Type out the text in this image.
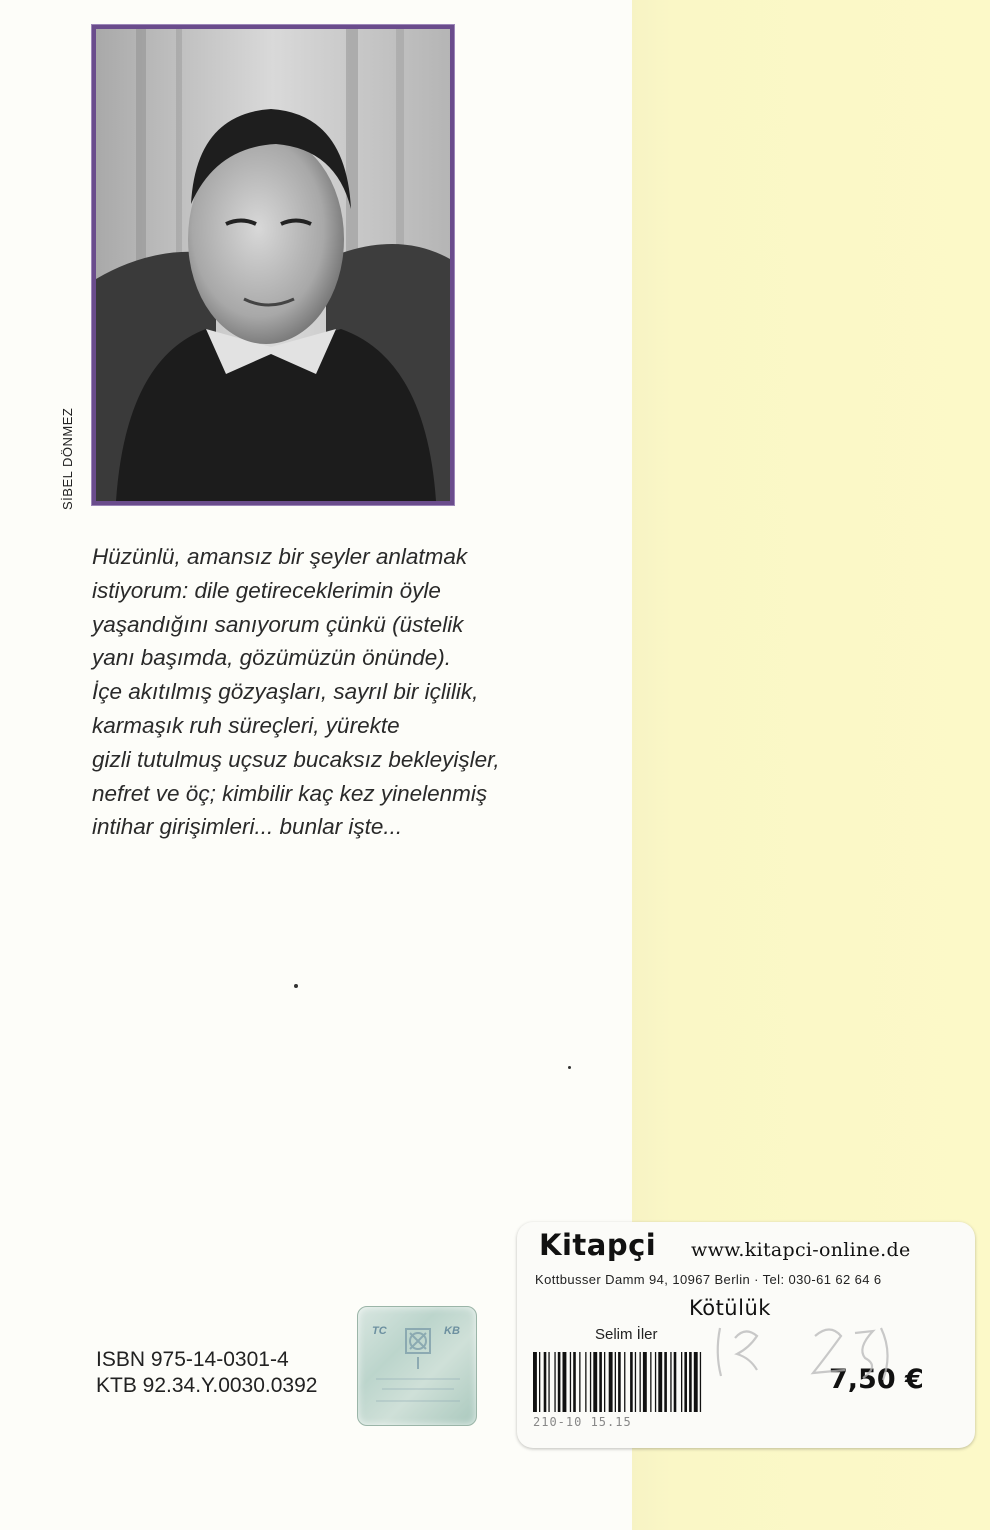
SİBEL DÖNMEZ
Hüzünlü, amansız bir şeyler anlatmak
istiyorum: dile getireceklerimin öyle
yaşandığını sanıyorum çünkü (üstelik
yanı başımda, gözümüzün önünde).
İçe akıtılmış gözyaşları, sayrıl bir içlilik,
karmaşık ruh süreçleri, yürekte
gizli tutulmuş uçsuz bucaksız bekleyişler,
nefret ve öç; kimbilir kaç kez yinelenmiş
intihar girişimleri... bunlar işte...
ISBN 975-14-0301-4
KTB 92.34.Y.0030.0392
TC	KB
Kitapçi www.kitapci-online.de
Kottbusser Damm 94, 10967 Berlin · Tel: 030-61 62 64 6
Kötülük
Selim İler
210-10 15.15
7,50 €
